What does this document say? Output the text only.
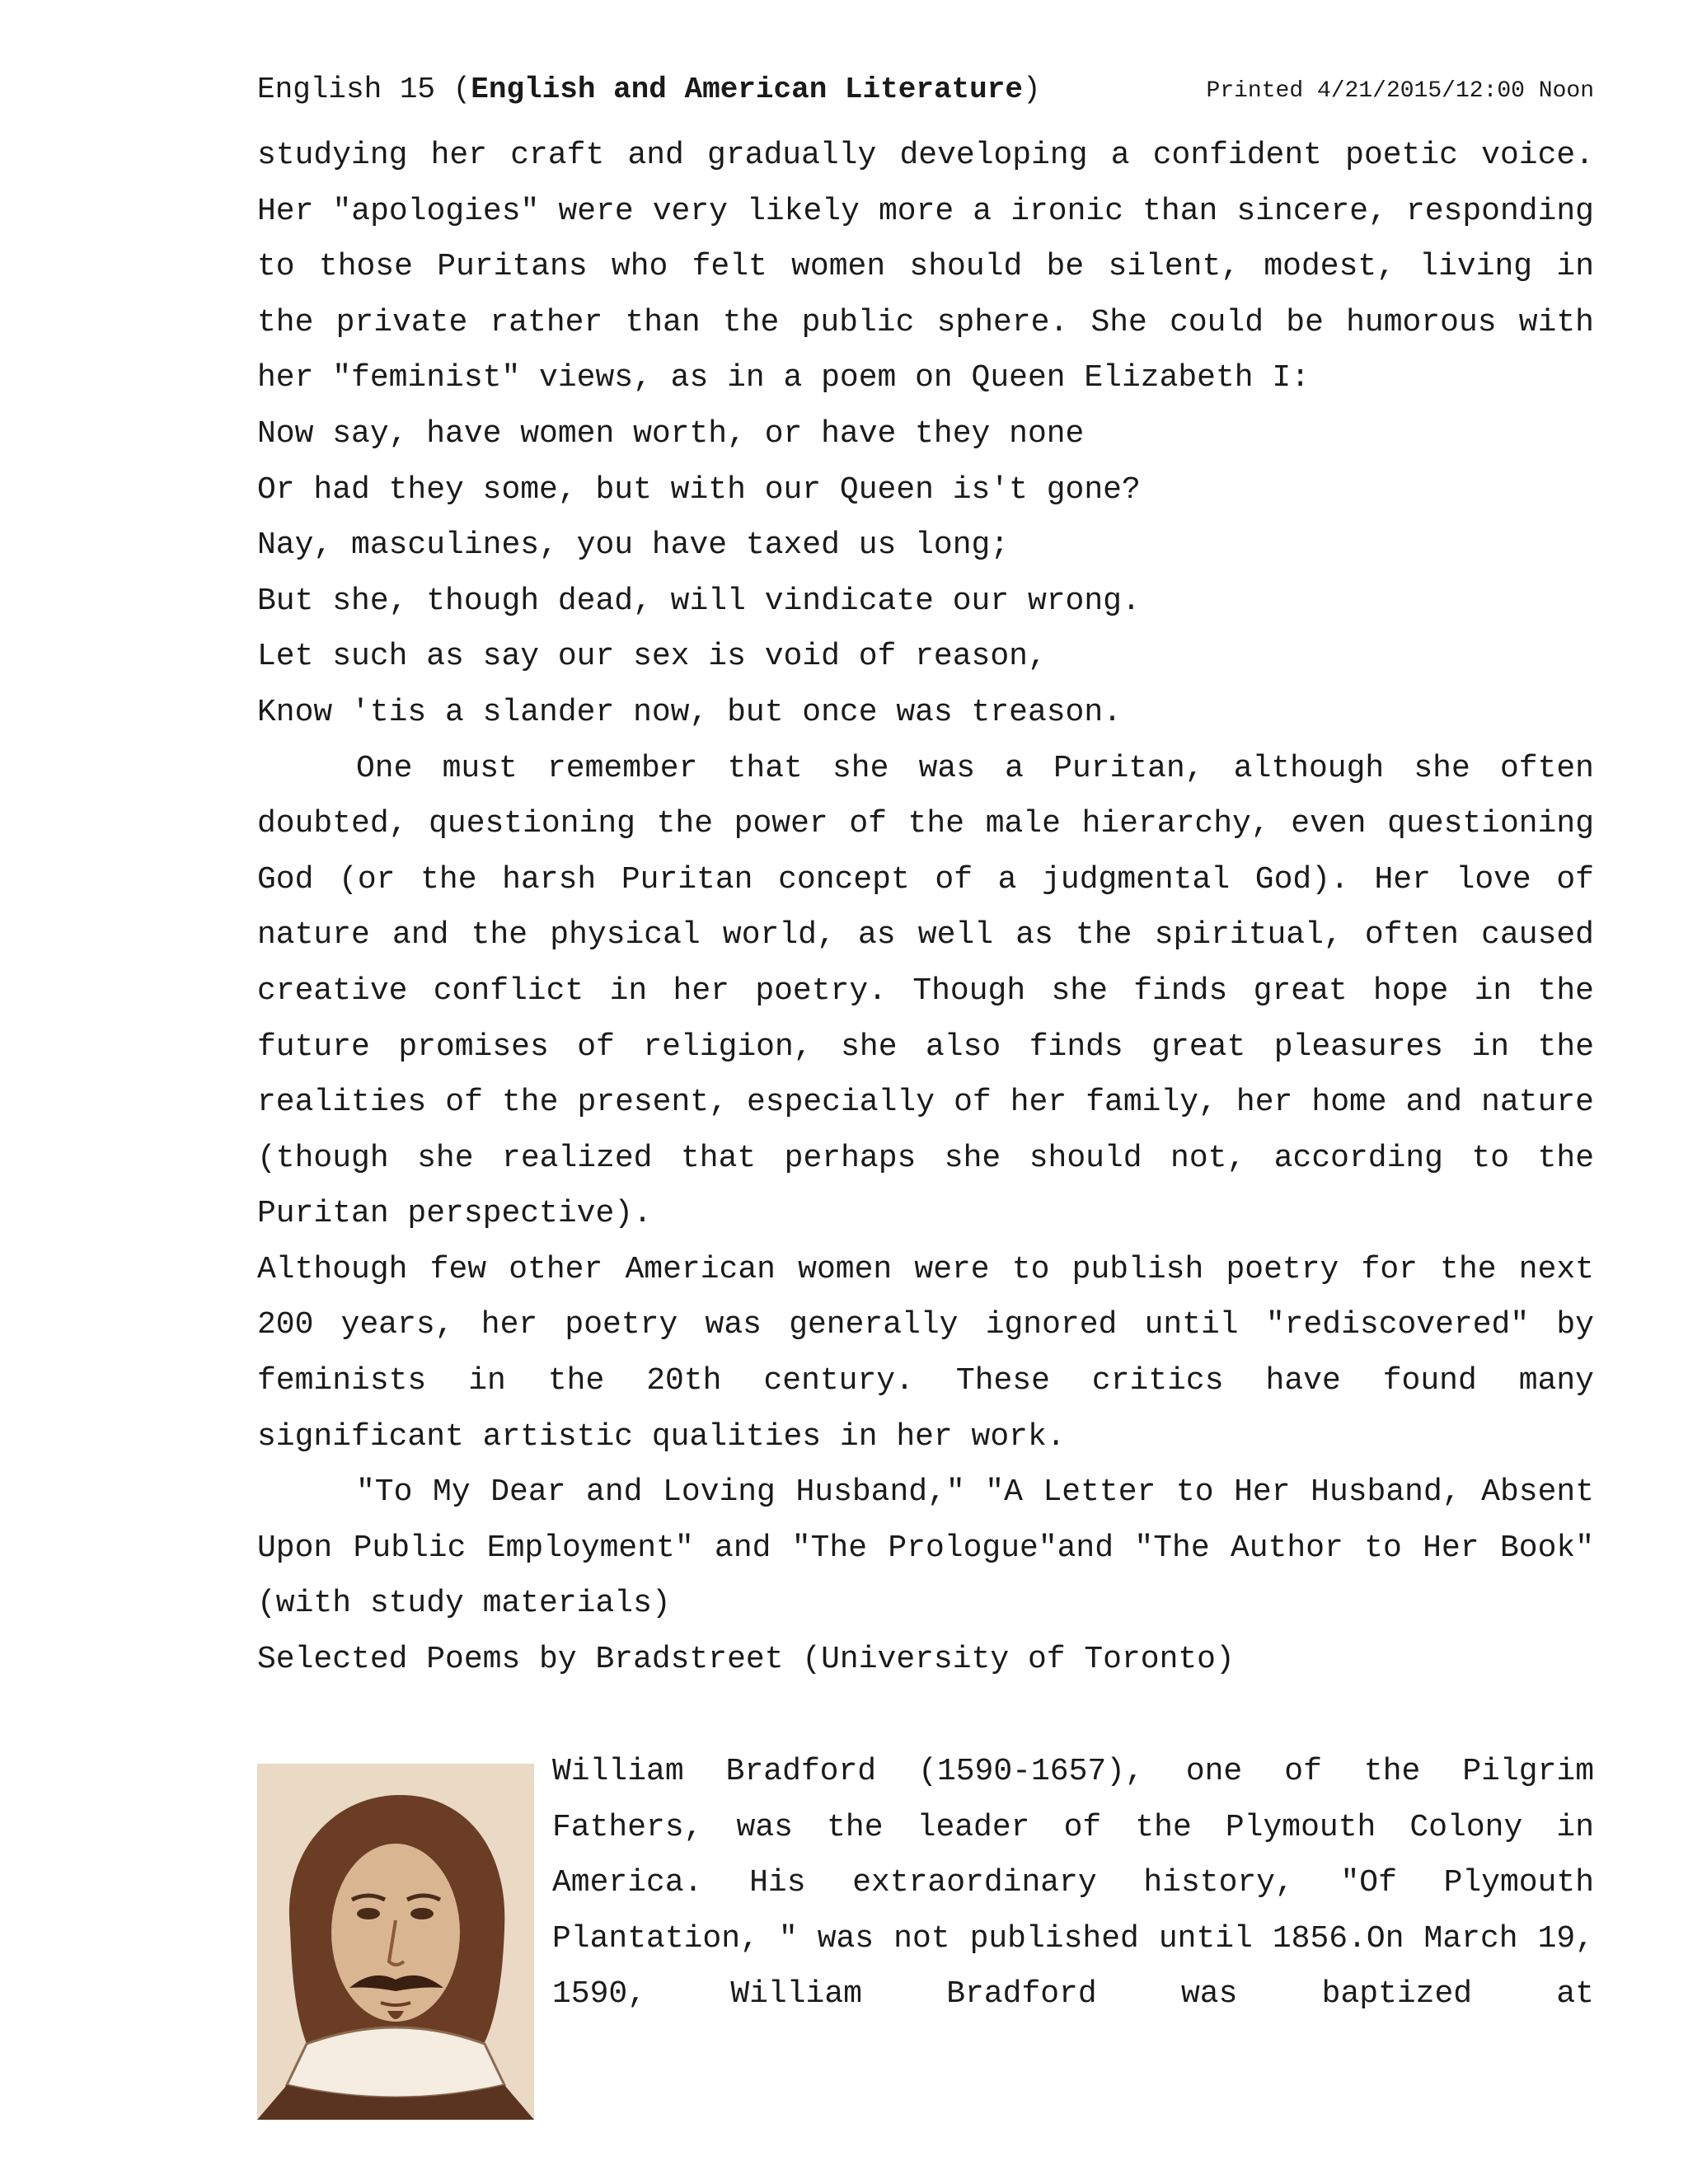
English 15 (English and American Literature)	Printed 4/21/2015/12:00 Noon

studying her craft and gradually developing a confident poetic voice. Her "apologies" were very likely more a ironic than sincere, responding to those Puritans who felt women should be silent, modest, living in the private rather than the public sphere. She could be humorous with her "feminist" views, as in a poem on Queen Elizabeth I:

Now say, have women worth, or have they none
Or had they some, but with our Queen is't gone?
Nay, masculines, you have taxed us long;
But she, though dead, will vindicate our wrong.
Let such as say our sex is void of reason,
Know 'tis a slander now, but once was treason.

One must remember that she was a Puritan, although she often doubted, questioning the power of the male hierarchy, even questioning God (or the harsh Puritan concept of a judgmental God). Her love of nature and the physical world, as well as the spiritual, often caused creative conflict in her poetry. Though she finds great hope in the future promises of religion, she also finds great pleasures in the realities of the present, especially of her family, her home and nature (though she realized that perhaps she should not, according to the Puritan perspective).

Although few other American women were to publish poetry for the next 200 years, her poetry was generally ignored until "rediscovered" by feminists in the 20th century. These critics have found many significant artistic qualities in her work.

"To My Dear and Loving Husband," "A Letter to Her Husband, Absent Upon Public Employment" and "The Prologue"and "The Author to Her Book"(with study materials)

Selected Poems by Bradstreet (University of Toronto)

William Bradford (1590-1657), one of the Pilgrim Fathers, was the leader of the Plymouth Colony in America. His extraordinary history, "Of Plymouth Plantation, " was not published until 1856.On March 19, 1590, William Bradford was baptized at
